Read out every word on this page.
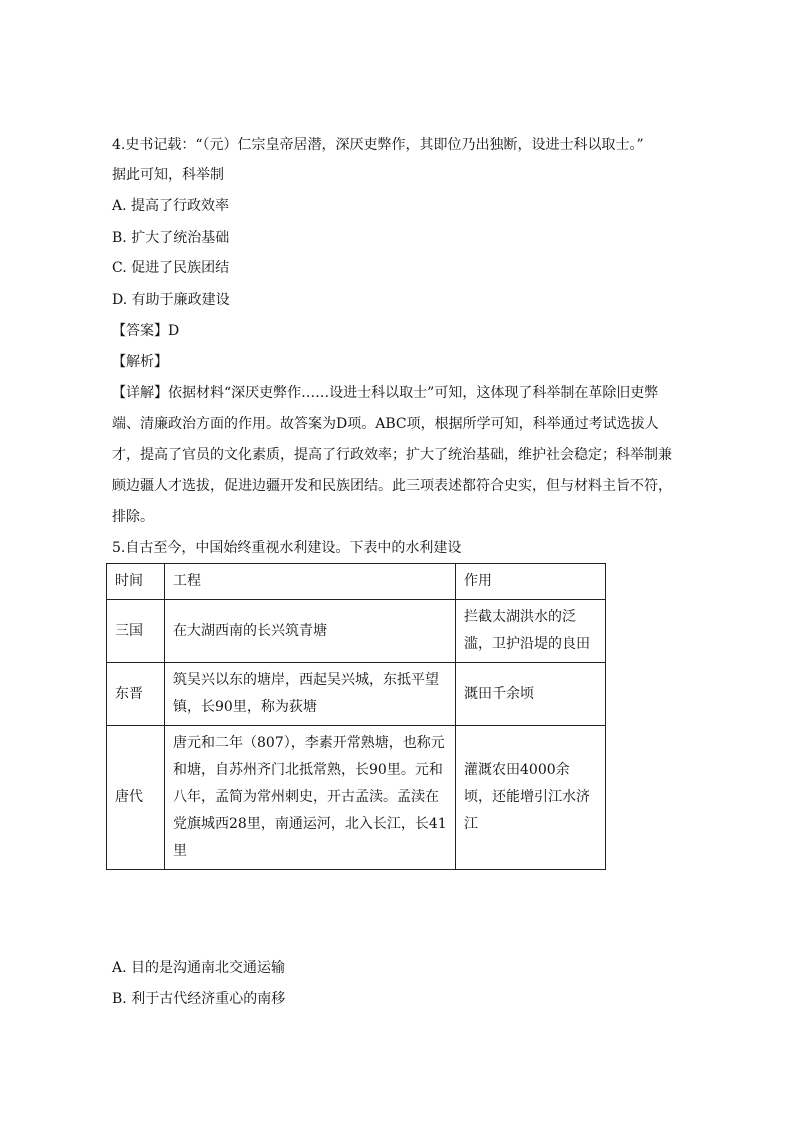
4.史书记载：“（元）仁宗皇帝居潜，深厌吏弊作，其即位乃出独断，设进士科以取士。”
据此可知，科举制
A. 提高了行政效率
B. 扩大了统治基础
C. 促进了民族团结
D. 有助于廉政建设
【答案】D
【解析】
【详解】依据材料“深厌吏弊作……设进士科以取士”可知，这体现了科举制在革除旧吏弊端、清廉政治方面的作用。故答案为D项。ABC项，根据所学可知，科举通过考试选拔人才，提高了官员的文化素质，提高了行政效率；扩大了统治基础，维护社会稳定；科举制兼顾边疆人才选拔，促进边疆开发和民族团结。此三项表述都符合史实，但与材料主旨不符，排除。
5.自古至今，中国始终重视水利建设。下表中的水利建设
时间	工程	作用
三国	在大湖西南的长兴筑青塘	拦截太湖洪水的泛滥，卫护沿堤的良田
东晋	筑吴兴以东的塘岸，西起吴兴城，东抵平望镇，长90里，称为荻塘	溉田千余顷
唐代	唐元和二年（807），李素开常熟塘，也称元和塘，自苏州齐门北抵常熟，长90里。元和八年，孟简为常州刺史，开古孟渎。孟渎在党旗城西28里，南通运河，北入长江，长41里	灌溉农田4000余顷，还能增引江水济江
A. 目的是沟通南北交通运输
B. 利于古代经济重心的南移
